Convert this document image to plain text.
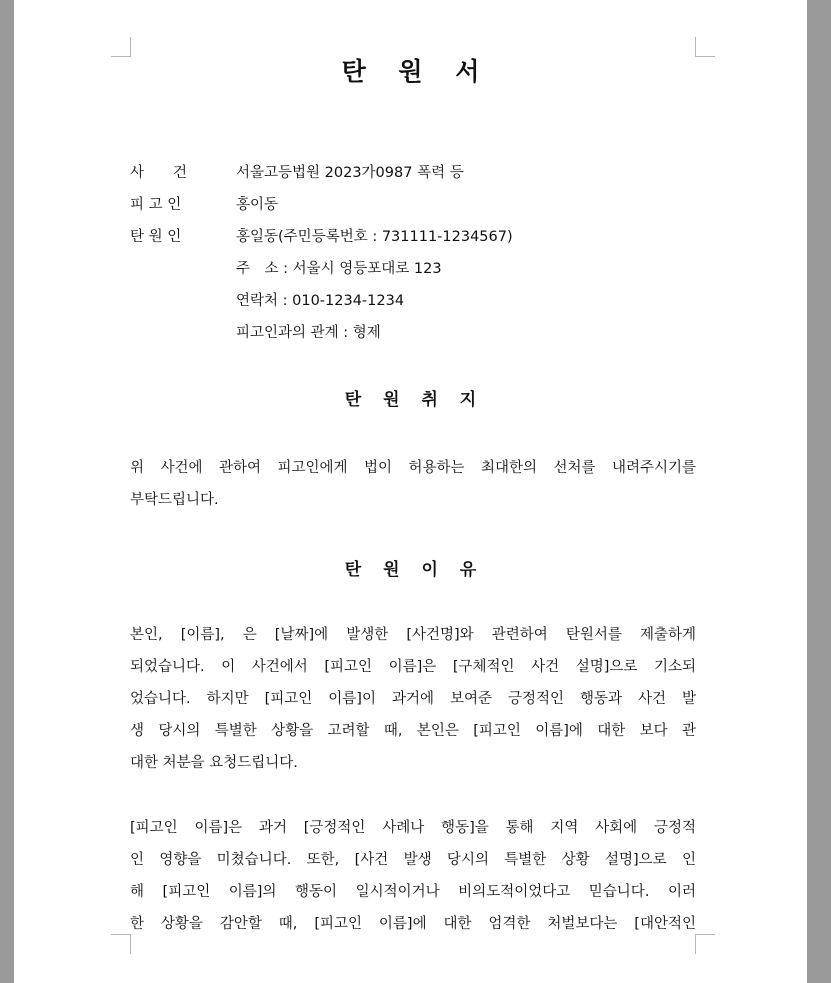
탄 원 서
사　　건	서울고등법원 2023가0987 폭력 등
피 고 인	홍이동
탄 원 인	홍일동(주민등록번호 : 731111-1234567)
주　소 : 서울시 영등포대로 123
연락처 : 010-1234-1234
피고인과의 관계 : 형제
탄 원 취 지
위 사건에 관하여 피고인에게 법이 허용하는 최대한의 선처를 내려주시기를
부탁드립니다.
탄 원 이 유
본인, [이름], 은 [날짜]에 발생한 [사건명]와 관련하여 탄원서를 제출하게
되었습니다. 이 사건에서 [피고인 이름]은 [구체적인 사건 설명]으로 기소되
었습니다. 하지만 [피고인 이름]이 과거에 보여준 긍정적인 행동과 사건 발
생 당시의 특별한 상황을 고려할 때, 본인은 [피고인 이름]에 대한 보다 관
대한 처분을 요청드립니다.
[피고인 이름]은 과거 [긍정적인 사례나 행동]을 통해 지역 사회에 긍정적
인 영향을 미쳤습니다. 또한, [사건 발생 당시의 특별한 상황 설명]으로 인
해 [피고인 이름]의 행동이 일시적이거나 비의도적이었다고 믿습니다. 이러
한 상황을 감안할 때, [피고인 이름]에 대한 엄격한 처벌보다는 [대안적인
